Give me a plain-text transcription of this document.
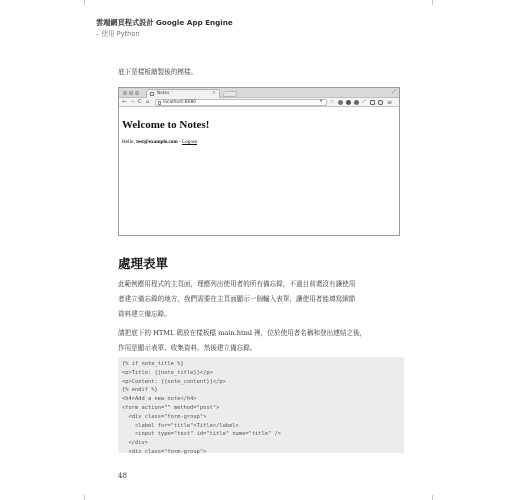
雲端網頁程式設計 Google App Engine
– 使用 Python
底下是樣板繪製後的模樣。
Notes	×	⤢
← → C ⌂	localhost:8080	▾ ☆	⟋	≡
Welcome to Notes!
Hello, test@example.com - Logout
處理表單
此範例應用程式的主頁面，理應列出使用者的所有備忘錄，不過目前還沒有讓使用
者建立備忘錄的地方，我們需要在主頁面顯示一個輸入表單，讓使用者能填寫細節
資料建立備忘錄。
請把底下的 HTML 碼放在樣板檔 main.html 裡，位於使用者名稱和登出連結之後，
作用是顯示表單、收集資料、然後建立備忘錄。
{% if note_title %}
<p>Title: {{note_title}}</p>
<p>Content: {{note_content}}</p>
{% endif %}
<h4>Add a new note</h4>
<form action="" method="post">
<div class="form-group">
<label for="title">Title</label>
<input type="text" id="title" name="title" />
</div>
<div class="form-group">
48
